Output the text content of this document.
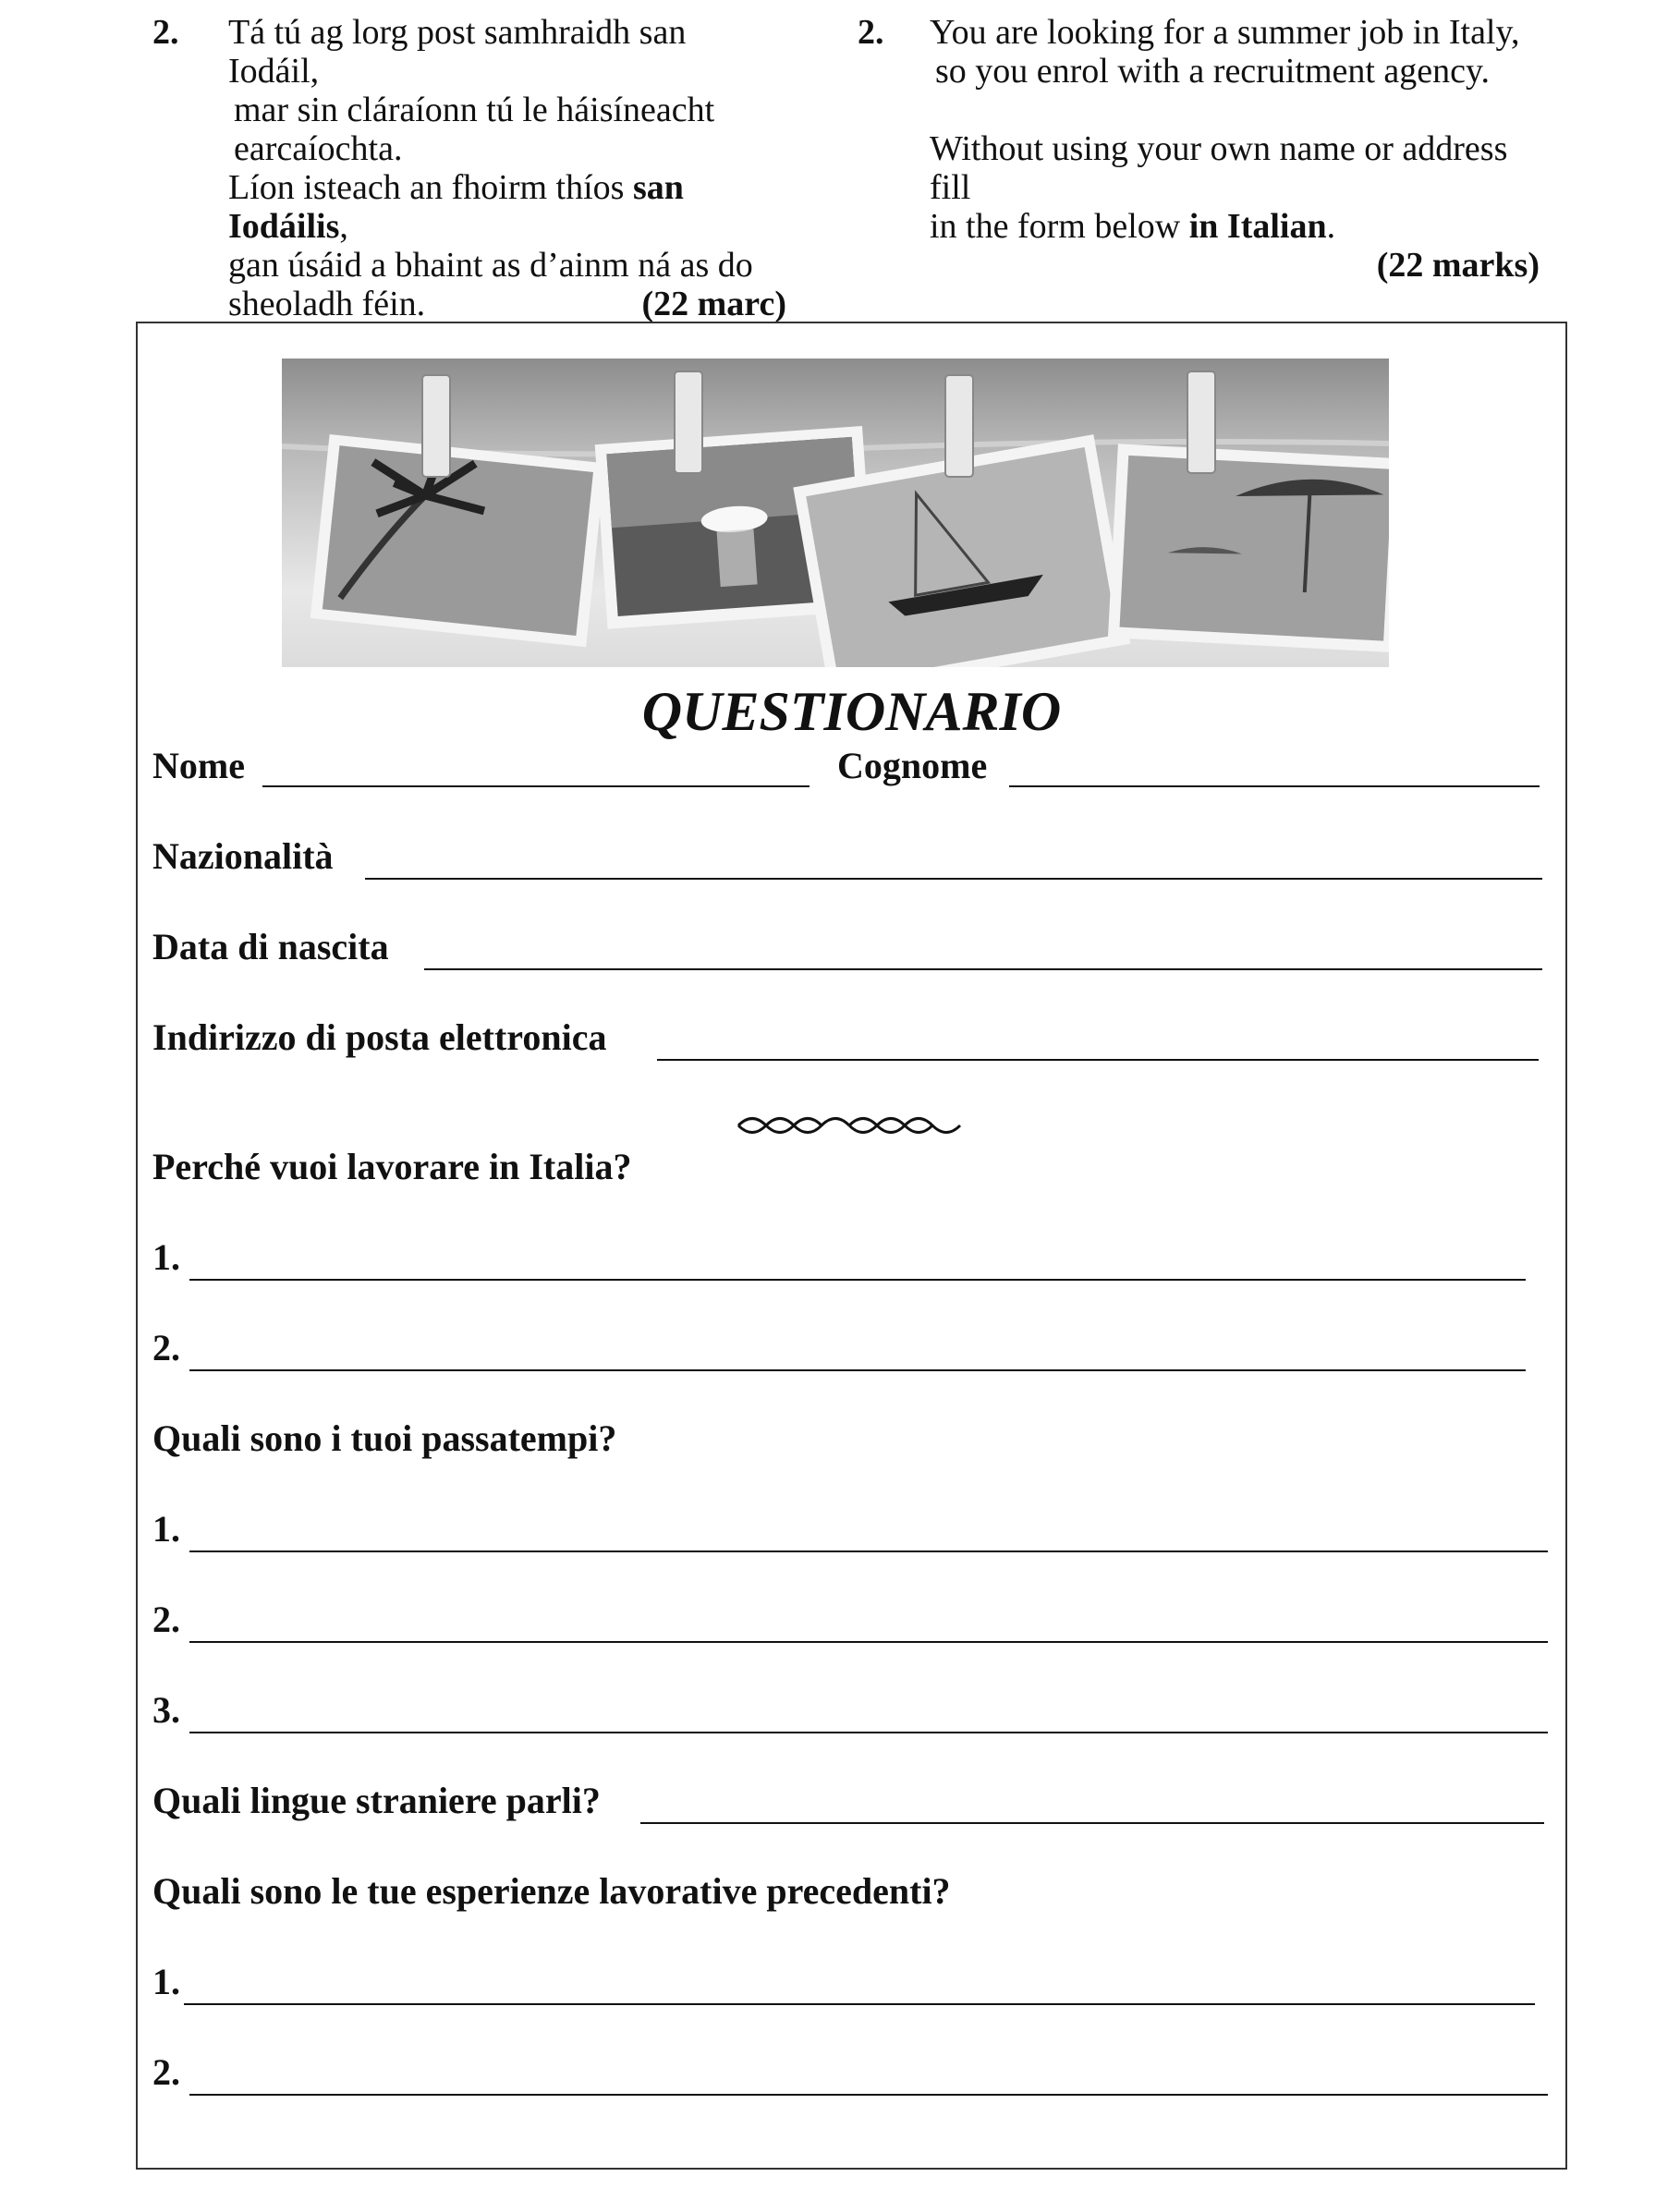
2. Tá tú ag lorg post samhraidh san Iodáil,

mar sin cláraíonn tú le háisíneacht

earcaíochta.

Líon isteach an fhoirm thíos san Iodáilis,

gan úsáid a bhaint as d’ainm ná as do

sheoladh féin.	(22 marc)

2. You are looking for a summer job in Italy,

so you enrol with a recruitment agency.

Without using your own name or address fill

in the form below in Italian.

(22 marks)

QUESTIONARIO
Nome	Cognome
Nazionalità
Data di nascita
Indirizzo di posta elettronica
Perché vuoi lavorare in Italia?
1.
2.
Quali sono i tuoi passatempi?
1.
2.
3.
Quali lingue straniere parli?
Quali sono le tue esperienze lavorative precedenti?
1.
2.
